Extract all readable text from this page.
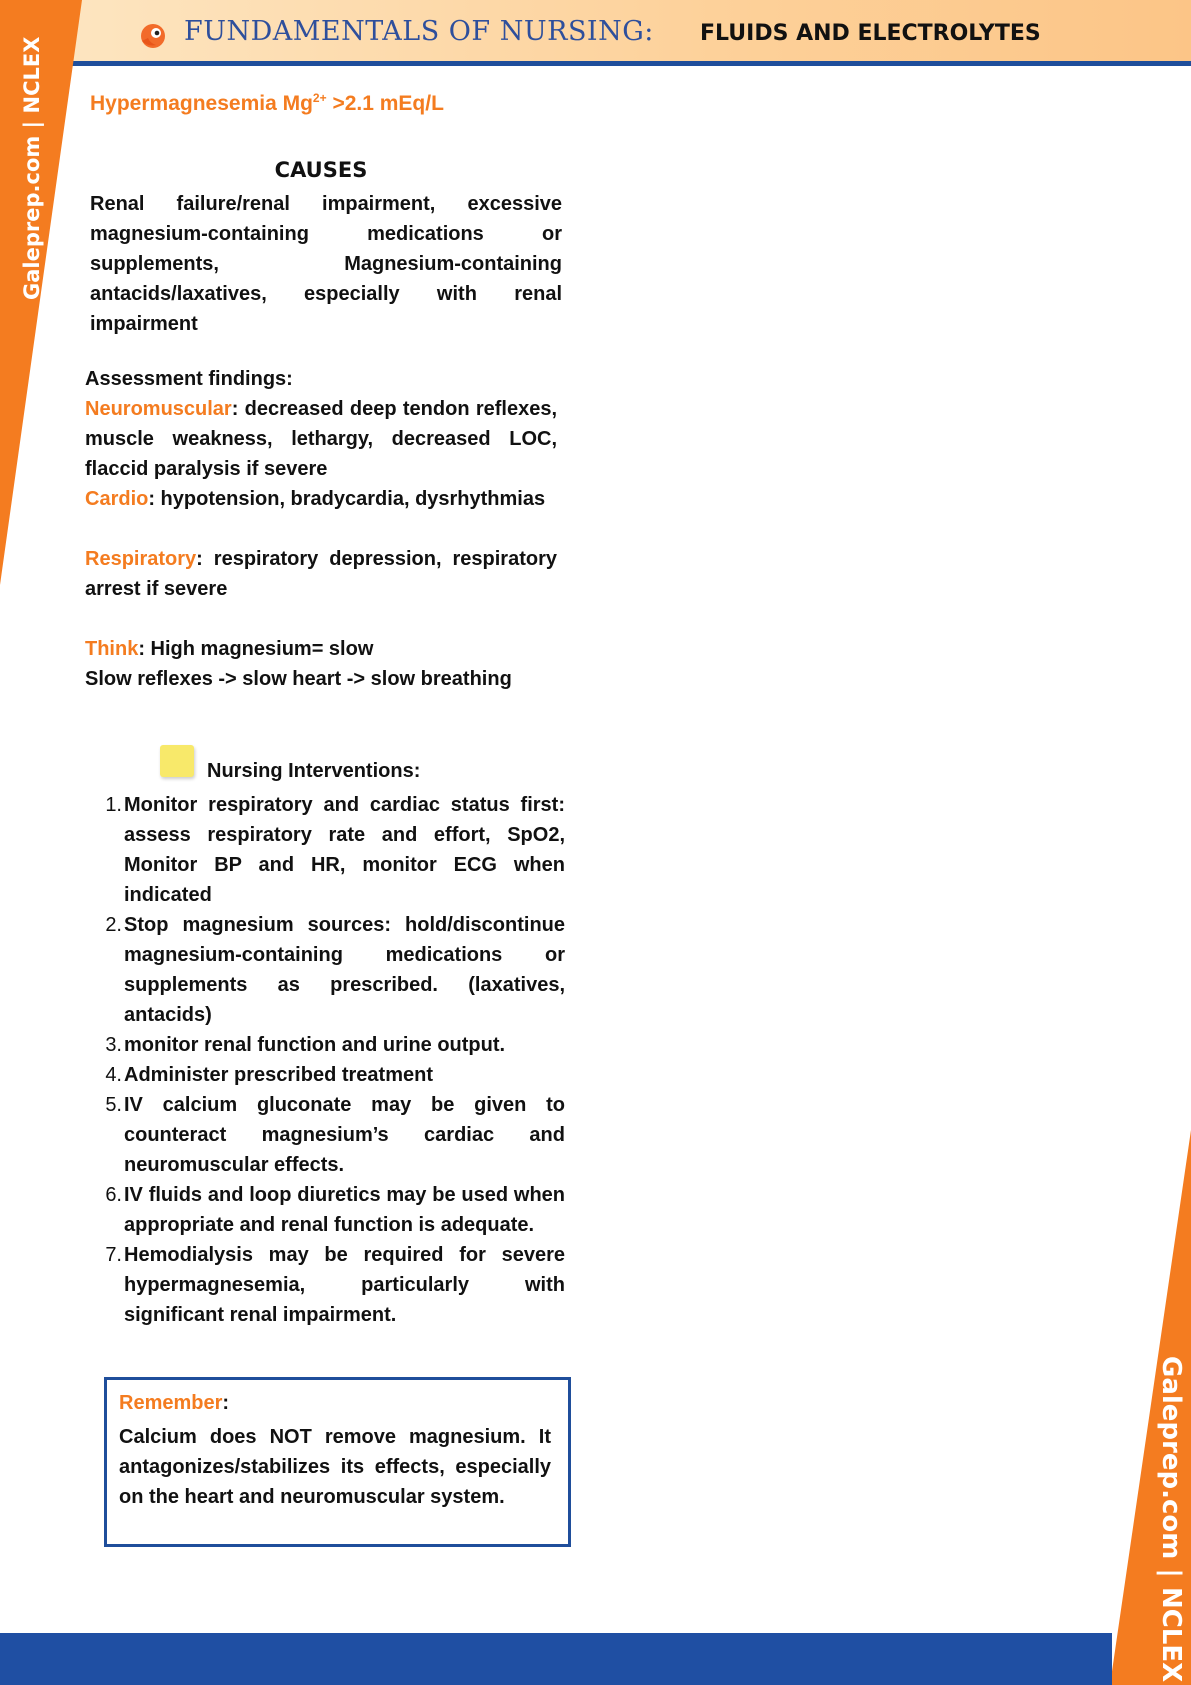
FUNDAMENTALS OF NURSING: FLUIDS AND ELECTROLYTES
Galeprep.com | NCLEX
Galeprep.com | NCLEX
Hypermagnesemia $Mg^{2+} >2.1$ mEq/L
CAUSES
Renal failure/renal impairment, excessive magnesium-containing medications or supplements, Magnesium-containing antacids/laxatives, especially with renal impairment
Assessment findings:
Neuromuscular: decreased deep tendon reflexes, muscle weakness, lethargy, decreased LOC, flaccid paralysis if severe
Cardio: hypotension, bradycardia, dysrhythmias
Respiratory: respiratory depression, respiratory arrest if severe
Think: High magnesium= slow
Slow reflexes -> slow heart -> slow breathing
Nursing Interventions:
1. Monitor respiratory and cardiac status first: assess respiratory rate and effort, SpO2, Monitor BP and HR, monitor ECG when indicated
2. Stop magnesium sources: hold/discontinue magnesium-containing medications or supplements as prescribed. (laxatives, antacids)
3. monitor renal function and urine output.
4. Administer prescribed treatment
5. IV calcium gluconate may be given to counteract magnesium’s cardiac and neuromuscular effects.
6. IV fluids and loop diuretics may be used when appropriate and renal function is adequate.
7. Hemodialysis may be required for severe hypermagnesemia, particularly with significant renal impairment.
Remember:
Calcium does NOT remove magnesium. It antagonizes/stabilizes its effects, especially on the heart and neuromuscular system.
